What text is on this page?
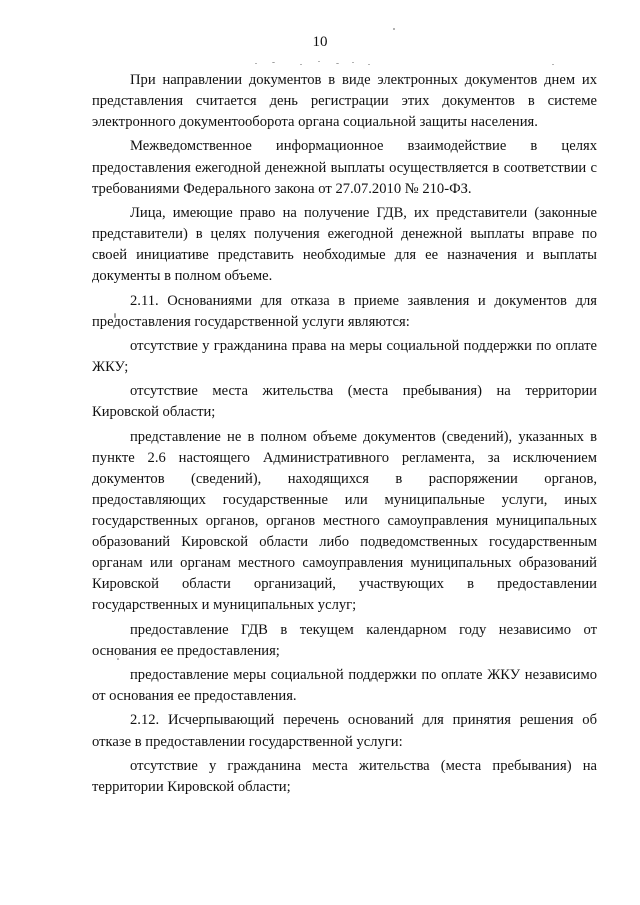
10

При направлении документов в виде электронных документов днем их представления считается день регистрации этих документов в системе электронного документооборота органа социальной защиты населения.

Межведомственное информационное взаимодействие в целях предоставления ежегодной денежной выплаты осуществляется в соответствии с требованиями Федерального закона от 27.07.2010 № 210-ФЗ.

Лица, имеющие право на получение ГДВ, их представители (законные представители) в целях получения ежегодной денежной выплаты вправе по своей инициативе представить необходимые для ее назначения и выплаты документы в полном объеме.

2.11. Основаниями для отказа в приеме заявления и документов для предоставления государственной услуги являются:

отсутствие у гражданина права на меры социальной поддержки по оплате ЖКУ;

отсутствие места жительства (места пребывания) на территории Кировской области;

представление не в полном объеме документов (сведений), указанных в пункте 2.6 настоящего Административного регламента, за исключением документов (сведений), находящихся в распоряжении органов, предоставляющих государственные или муниципальные услуги, иных государственных органов, органов местного самоуправления муниципальных образований Кировской области либо подведомственных государственным органам или органам местного самоуправления муниципальных образований Кировской области организаций, участвующих в предоставлении государственных и муниципальных услуг;

предоставление ГДВ в текущем календарном году независимо от основания ее предоставления;

предоставление меры социальной поддержки по оплате ЖКУ независимо от основания ее предоставления.

2.12. Исчерпывающий перечень оснований для принятия решения об отказе в предоставлении государственной услуги:

отсутствие у гражданина места жительства (места пребывания) на территории Кировской области;
